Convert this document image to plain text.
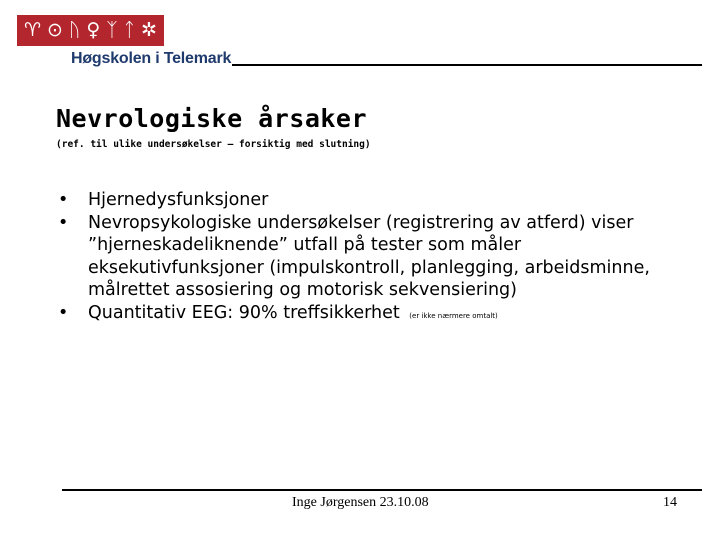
♈ ⊙ ᚢ ♀ ᛉ ᛏ ✲
Høgskolen i Telemark
Nevrologiske årsaker
(ref. til ulike undersøkelser – forsiktig med slutning)
• Hjernedysfunksjoner
• Nevropsykologiske undersøkelser (registrering av atferd) viser ”hjerneskadeliknende” utfall på tester som måler eksekutivfunksjoner (impulskontroll, planlegging, arbeidsminne, målrettet assosiering og motorisk sekvensiering)
• Quantitativ EEG: 90% treffsikkerhet (er ikke nærmere omtalt)
Inge Jørgensen 23.10.08	14
